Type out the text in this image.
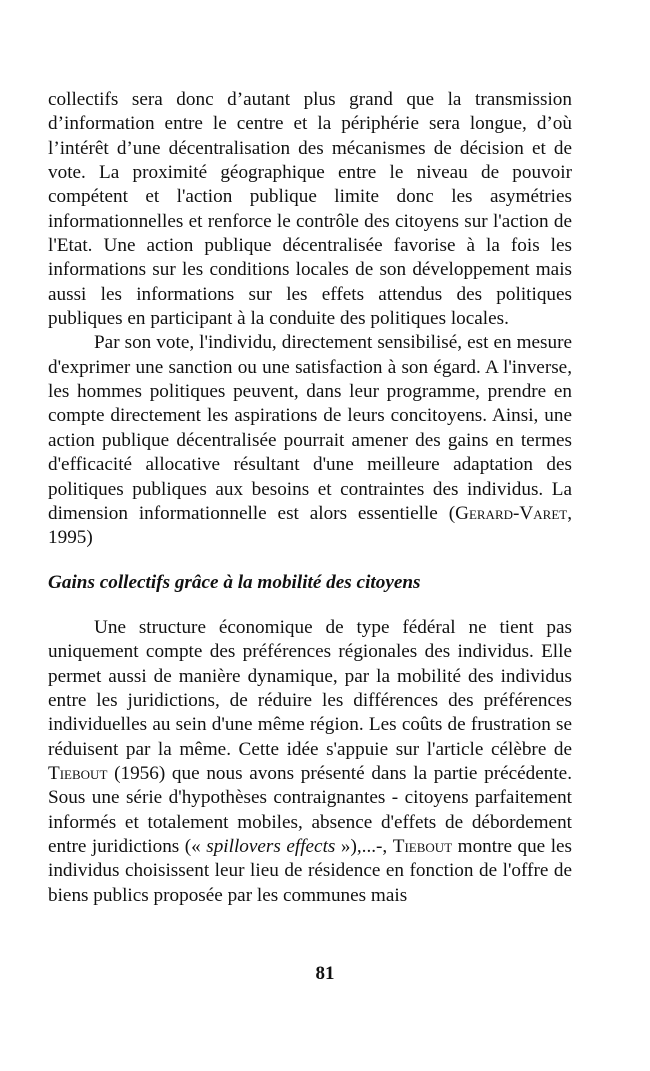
collectifs sera donc d’autant plus grand que la transmission d’information entre le centre et la périphérie sera longue, d’où l’intérêt d’une décentralisation des mécanismes de décision et de vote. La proximité géographique entre le niveau de pouvoir compétent et l'action publique limite donc les asymétries informationnelles et renforce le contrôle des citoyens sur l'action de l'Etat. Une action publique décentralisée favorise à la fois les informations sur les conditions locales de son développement mais aussi les informations sur les effets attendus des politiques publiques en participant à la conduite des politiques locales.

Par son vote, l'individu, directement sensibilisé, est en mesure d'exprimer une sanction ou une satisfaction à son égard. A l'inverse, les hommes politiques peuvent, dans leur programme, prendre en compte directement les aspirations de leurs concitoyens. Ainsi, une action publique décentralisée pourrait amener des gains en termes d'efficacité allocative résultant d'une meilleure adaptation des politiques publiques aux besoins et contraintes des individus. La dimension informationnelle est alors essentielle (Gerard-Varet, 1995)

Gains collectifs grâce à la mobilité des citoyens

Une structure économique de type fédéral ne tient pas uniquement compte des préférences régionales des individus. Elle permet aussi de manière dynamique, par la mobilité des individus entre les juridictions, de réduire les différences des préférences individuelles au sein d'une même région. Les coûts de frustration se réduisent par la même. Cette idée s'appuie sur l'article célèbre de Tiebout (1956) que nous avons présenté dans la partie précédente. Sous une série d'hypothèses contraignantes - citoyens parfaitement informés et totalement mobiles, absence d'effets de débordement entre juridictions (« spillovers effects »),...-, Tiebout montre que les individus choisissent leur lieu de résidence en fonction de l'offre de biens publics proposée par les communes mais

81
